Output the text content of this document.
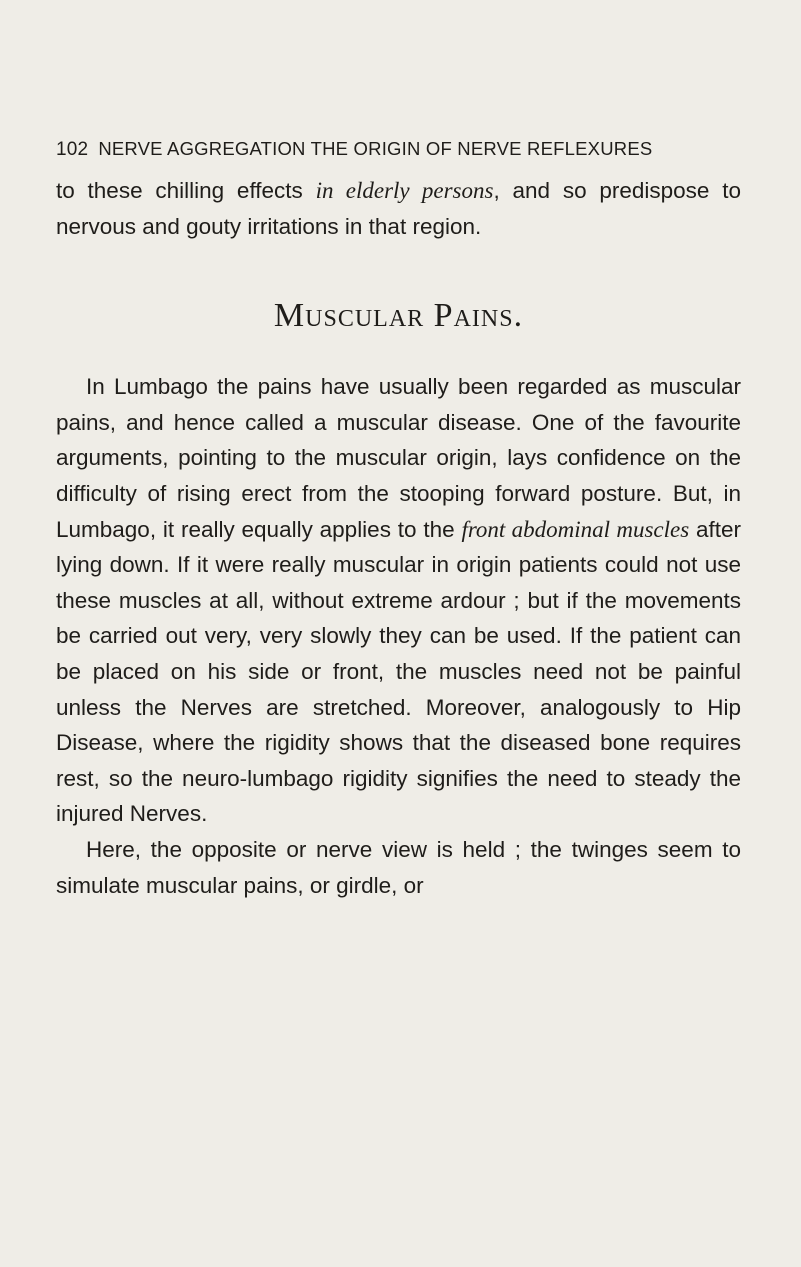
102 NERVE AGGREGATION THE ORIGIN OF NERVE REFLEXURES

to these chilling effects in elderly persons, and so predispose to nervous and gouty irritations in that region.

Muscular Pains.

In Lumbago the pains have usually been regarded as muscular pains, and hence called a muscular disease. One of the favourite arguments, pointing to the muscular origin, lays confidence on the difficulty of rising erect from the stooping forward posture. But, in Lumbago, it really equally applies to the front abdominal muscles after lying down. If it were really muscular in origin patients could not use these muscles at all, without extreme ardour ; but if the movements be carried out very, very slowly they can be used. If the patient can be placed on his side or front, the muscles need not be painful unless the Nerves are stretched. Moreover, analogously to Hip Disease, where the rigidity shows that the diseased bone requires rest, so the neuro-lumbago rigidity signifies the need to steady the injured Nerves.

Here, the opposite or nerve view is held ; the twinges seem to simulate muscular pains, or girdle, or
